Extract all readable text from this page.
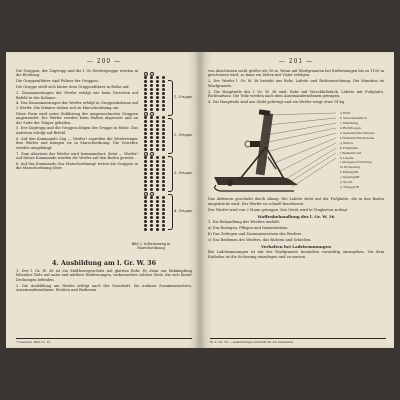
— 200 —

Die Gruppen, der Zugtrupp und die l. Gr.-Werfergruppe werden in die Richtung.

Die Gruppenführer sind Führer der Gruppen.

Die Gruppe stellt sich hinter dem Gruppenführer in Reihe auf.

3. Zusammentragen der Werfer erfolgt wie beim Vortreten auf Befehl in der Kolonne.

4. Das Zusammentragen der Werfer erfolgt in Gruppenkolonne auf 2 Werfer. Die Männer reihen sich in Marschordnung ein.

Diese Form wird unter Zuführung der ausgezeichneten Gruppen angewendet. Die Werfer werden beim Halten abgesetzt und an der Seite der Träger gehalten.

5. Der Zugtrupp und die Gruppen folgen der Gruppe in Reihe. Das Antreten erfolgt auf Befehl.

6. Auf den Kommando Zug — Werfer! ergreifen die Werferträger ihre Werfer und bringen sie in Marschordnung. Die Gewehre werden umgehängt.

7. Zum Absetzen der Werfer wird kommandiert: Setzt — Werfer! Auf dieses Kommando werden die Werfer auf den Boden gesetzt.

8. Auf das Kommando Zur Marschordnung! treten die Gruppen in die Marschordnung über.

1. Gruppe
2. Gruppe
3. Gruppe
4. Gruppe
Bild 2. Schützenzug in Marschordnung
4. Ausbildung am l. Gr. W. 36

1. Der l. Gr. W. 36 ist ein Steilfeuergeschütz mit glattem Rohr. Er dient zur Bekämpfung lebender Ziele auf nahe und mittlere Entfernungen, insbesondere solcher Ziele, die sich hinter Deckungen befinden.

2. Die Ausbildung am Werfer erfolgt nach der Vorschrift. Sie umfasst Zusammensetzen, Auseinandernehmen, Richten und Bedienen.

*) Zeichen, Bild 12, 13.
— 201 —

von Abschüssen nicht größer als 50 m. Wenn mit Wurfgranaten bei Entfernungen bis zu 1100 m geschossen wird, so kann ein Zielen mit Visier erfolgen.

2. Der Werfer l. Gr. W. 36 besteht aus Rohr, Lafette und Richteinrichtung. Die Munition ist Wurfgranate.

3. Die Hauptteile des l. Gr. W. 36 sind: Rohr mit Verschlußstück, Lafette mit Fußplatte, Richtaufsatz. Die Teile werden nach dem Auseinandernehmen getragen.

4. Die Hauptteile sind aus Stahl gefertigt und ein Werfer wiegt etwa 14 kg.

a Rohr
b Verschlußstück
c Mündung
d Richtbogen
e Seitenrichtschraube
f Höhenrichtschraube
g Stütze
h Fußplatte
i Zielfernrohr
k Libelle
l Abzugsvorrichtung
m Sicherung
n Handgriff
o Spanngriff
p Sporn
q Tragegriff

Das Abfeuern geschieht durch Abzug. Die Lafette steht auf der Fußplatte, die in den Boden eingedrückt wird. Der Werfer ist schnell feuerbereit.

Der Werfer wird von 2 Mann getragen. Das Gerät wird in Traglasten zerlegt.

Waffenbehandlung des l. Gr. W. 36

1. Die Behandlung des Werfers umfaßt:

a) Das Reinigen, Pflegen und Instandsetzen.

b) Das Zerlegen und Zusammensetzen des Werfers.

c) Das Bedienen des Werfers, das Richten und Schießen.

Verhalten bei Ladehemmungen

Bei Ladehemmungen ist mit der Wurfgranate besonders vorsichtig umzugehen. Vor dem Entladen ist die Sicherung einzulegen und zu warten.

W. 2. Nr. 70 — Ausbildungsvorschrift für die Infanterie
